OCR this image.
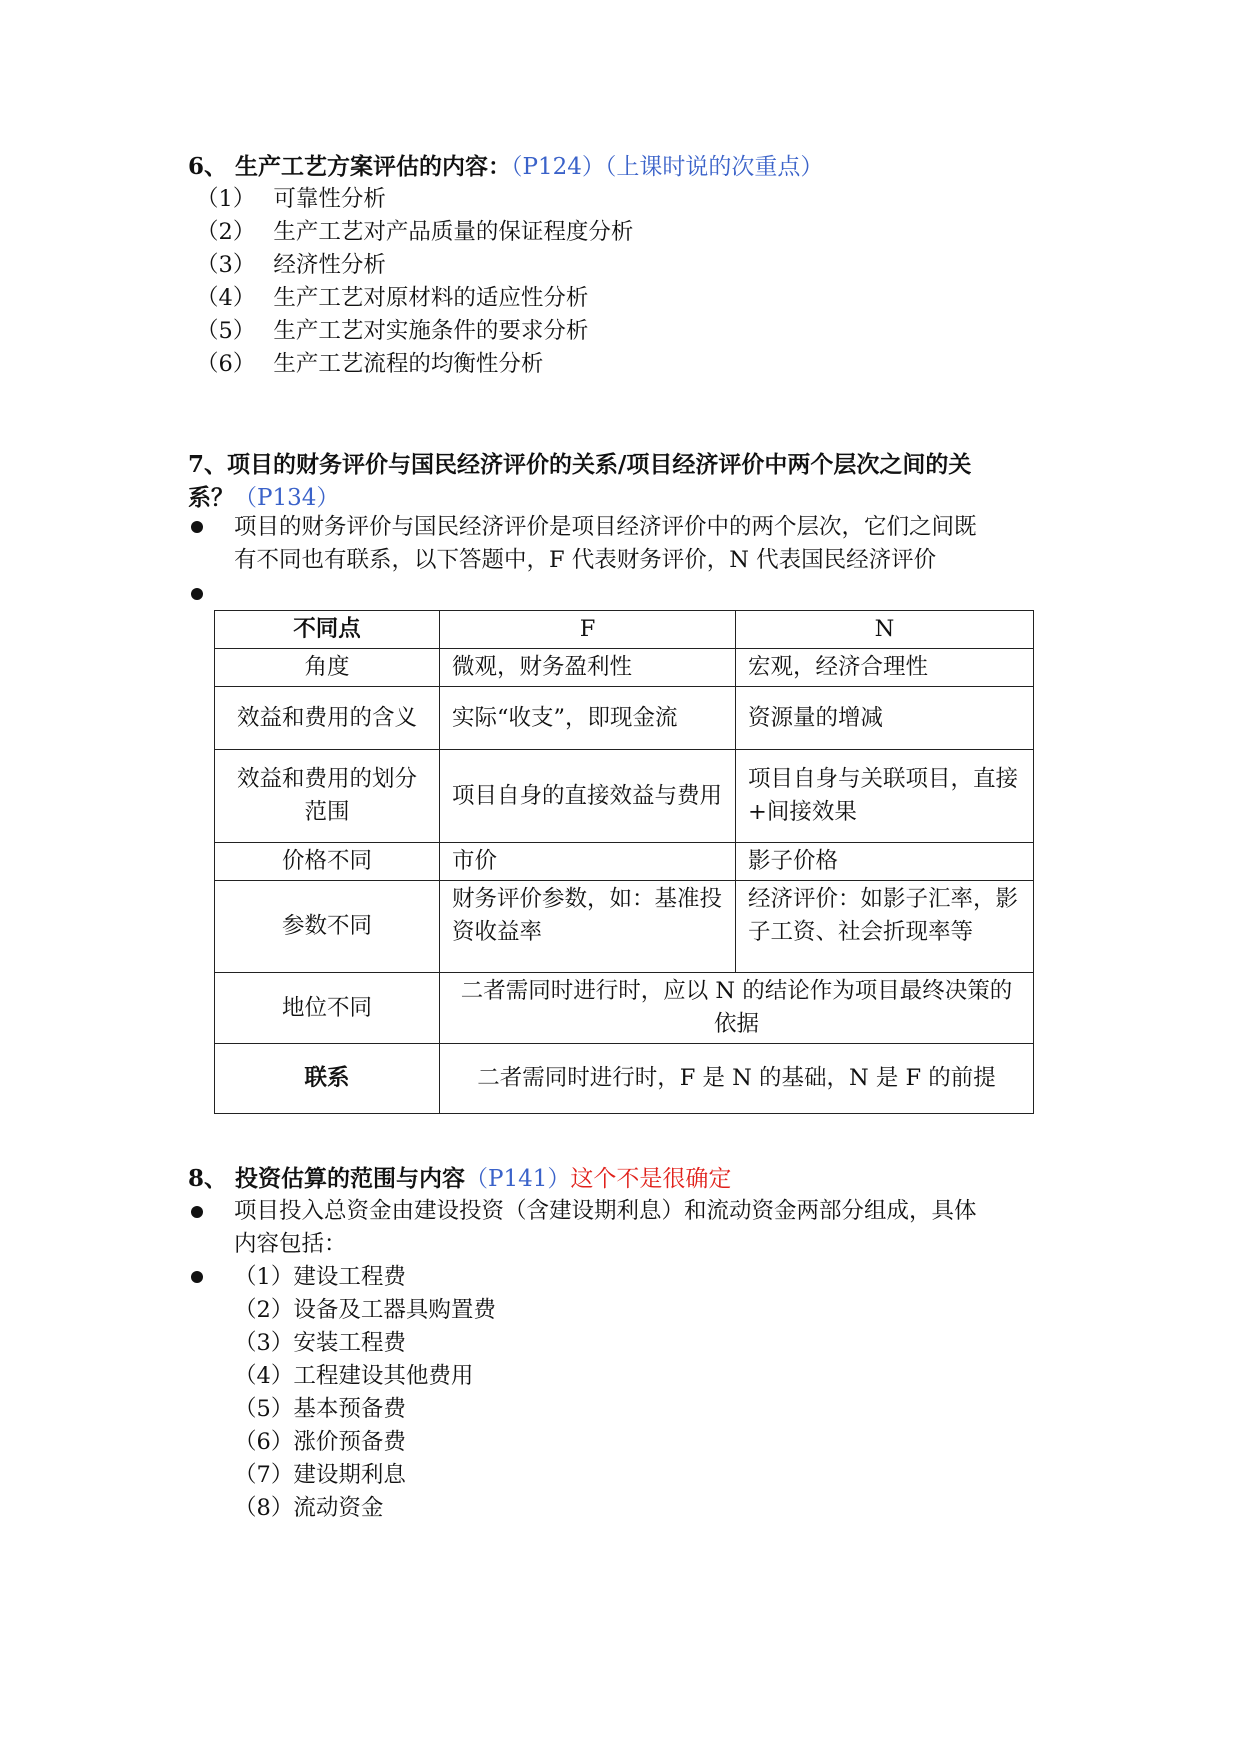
6、 生产工艺方案评估的内容：（P124）（上课时说的次重点）
（1） 可靠性分析
（2） 生产工艺对产品质量的保证程度分析
（3） 经济性分析
（4） 生产工艺对原材料的适应性分析
（5） 生产工艺对实施条件的要求分析
（6） 生产工艺流程的均衡性分析
7、项目的财务评价与国民经济评价的关系/项目经济评价中两个层次之间的关
系？（P134）
项目的财务评价与国民经济评价是项目经济评价中的两个层次，它们之间既
有不同也有联系，以下答题中，F 代表财务评价，N 代表国民经济评价
不同点	F	N
角度	微观，财务盈利性	宏观，经济合理性
效益和费用的含义	实际“收支”，即现金流	资源量的增减
效益和费用的划分范围	项目自身的直接效益与费用	项目自身与关联项目，直接+间接效果
价格不同	市价	影子价格
参数不同	财务评价参数，如：基准投资收益率	经济评价：如影子汇率，影子工资、社会折现率等
地位不同	二者需同时进行时，应以 N 的结论作为项目最终决策的依据	
联系	二者需同时进行时，F 是 N 的基础，N 是 F 的前提	
8、 投资估算的范围与内容（P141）这个不是很确定
项目投入总资金由建设投资（含建设期利息）和流动资金两部分组成，具体
内容包括：
（1）建设工程费
（2）设备及工器具购置费
（3）安装工程费
（4）工程建设其他费用
（5）基本预备费
（6）涨价预备费
（7）建设期利息
（8）流动资金
